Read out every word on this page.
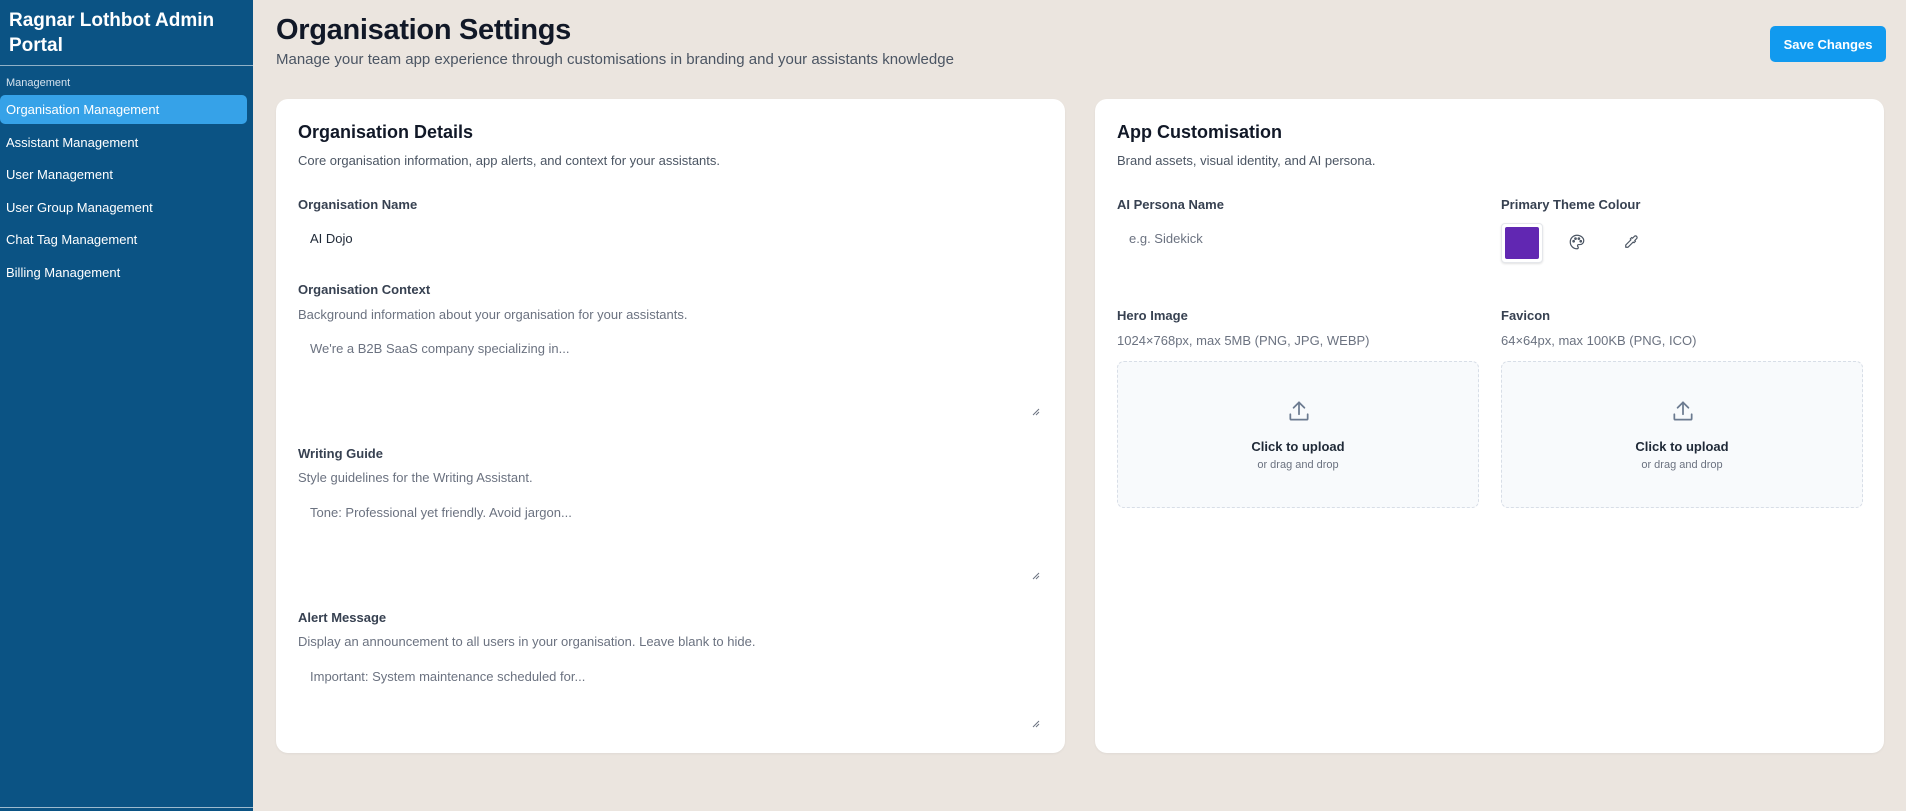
Ragnar Lothbot Admin Portal
Management
Organisation Management
Assistant Management
User Management
User Group Management
Chat Tag Management
Billing Management
Organisation Settings

Manage your team app experience through customisations in branding and your assistants knowledge

Save Changes
Organisation Details

Core organisation information, app alerts, and context for your assistants.

Organisation Name
AI Dojo
Organisation Context
Background information about your organisation for your assistants.
We're a B2B SaaS company specializing in...
Writing Guide
Style guidelines for the Writing Assistant.
Tone: Professional yet friendly. Avoid jargon...
Alert Message
Display an announcement to all users in your organisation. Leave blank to hide.
Important: System maintenance scheduled for...
App Customisation

Brand assets, visual identity, and AI persona.

AI Persona Name
e.g. Sidekick	Primary Theme Colour
Hero Image
1024×768px, max 5MB (PNG, JPG, WEBP)
Click to upload
or drag and drop
Favicon
64×64px, max 100KB (PNG, ICO)
Click to upload
or drag and drop
